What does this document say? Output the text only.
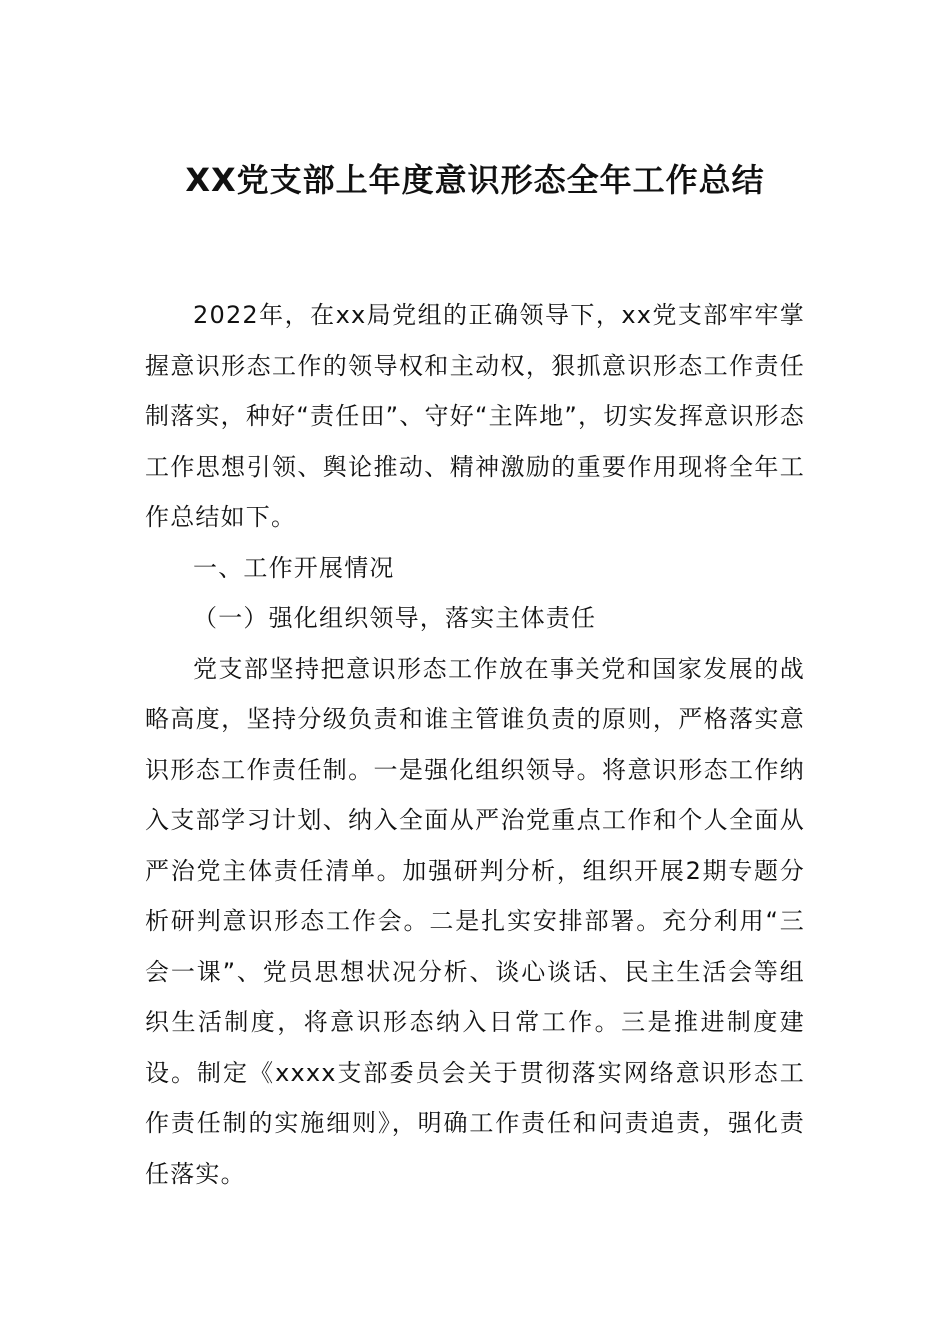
XX党支部上年度意识形态全年工作总结

2022年，在xx局党组的正确领导下，xx党支部牢牢掌握意识形态工作的领导权和主动权，狠抓意识形态工作责任制落实，种好“责任田”、守好“主阵地”，切实发挥意识形态工作思想引领、舆论推动、精神激励的重要作用现将全年工作总结如下。

一、工作开展情况

（一）强化组织领导，落实主体责任

党支部坚持把意识形态工作放在事关党和国家发展的战略高度，坚持分级负责和谁主管谁负责的原则，严格落实意识形态工作责任制。一是强化组织领导。将意识形态工作纳入支部学习计划、纳入全面从严治党重点工作和个人全面从严治党主体责任清单。加强研判分析，组织开展2期专题分析研判意识形态工作会。二是扎实安排部署。充分利用“三会一课”、党员思想状况分析、谈心谈话、民主生活会等组织生活制度，将意识形态纳入日常工作。三是推进制度建设。制定《xxxx支部委员会关于贯彻落实网络意识形态工作责任制的实施细则》，明确工作责任和问责追责，强化责任落实。
